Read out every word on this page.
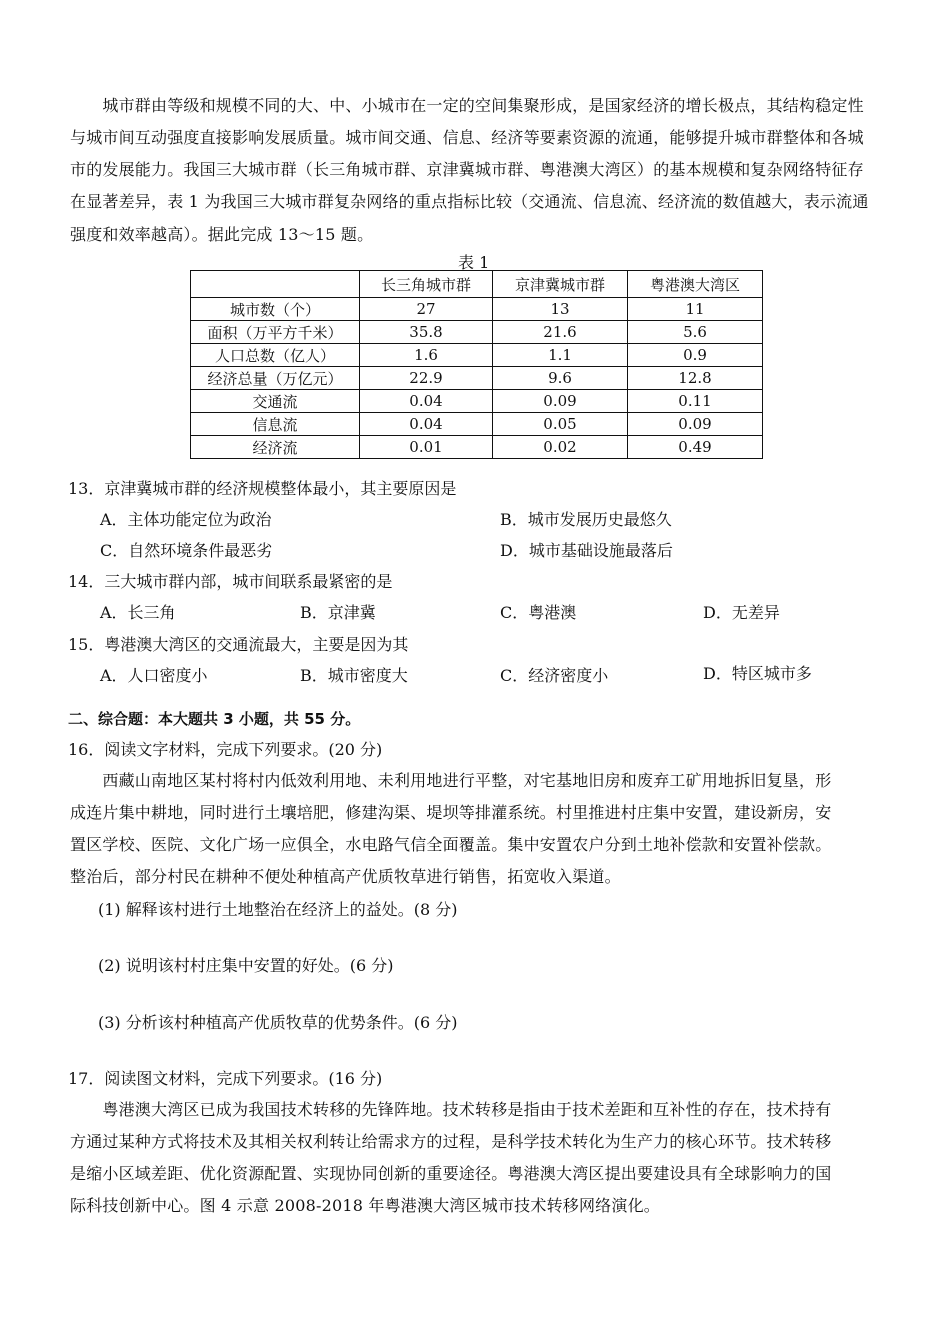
　　城市群由等级和规模不同的大、中、小城市在一定的空间集聚形成，是国家经济的增长极点，其结构稳定性
与城市间互动强度直接影响发展质量。城市间交通、信息、经济等要素资源的流通，能够提升城市群整体和各城
市的发展能力。我国三大城市群（长三角城市群、京津冀城市群、粤港澳大湾区）的基本规模和复杂网络特征存
在显著差异，表 1 为我国三大城市群复杂网络的重点指标比较（交通流、信息流、经济流的数值越大，表示流通
强度和效率越高）。据此完成 13～15 题。
表 1
	长三角城市群	京津冀城市群	粤港澳大湾区
城市数（个）	27	13	11
面积（万平方千米）	35.8	21.6	5.6
人口总数（亿人）	1.6	1.1	0.9
经济总量（万亿元）	22.9	9.6	12.8
交通流	0.04	0.09	0.11
信息流	0.04	0.05	0.09
经济流	0.01	0.02	0.49
13．京津冀城市群的经济规模整体最小，其主要原因是
A．主体功能定位为政治	B．城市发展历史最悠久
C．自然环境条件最恶劣	D．城市基础设施最落后
14．三大城市群内部，城市间联系最紧密的是
A．长三角	B．京津冀	C．粤港澳	D．无差异
15．粤港澳大湾区的交通流最大，主要是因为其
A．人口密度小	B．城市密度大	C．经济密度小	D．特区城市多
二、综合题：本大题共 3 小题，共 55 分。
16．阅读文字材料，完成下列要求。(20 分)
　　西藏山南地区某村将村内低效利用地、未利用地进行平整，对宅基地旧房和废弃工矿用地拆旧复垦，形
成连片集中耕地，同时进行土壤培肥，修建沟渠、堤坝等排灌系统。村里推进村庄集中安置，建设新房，安
置区学校、医院、文化广场一应俱全，水电路气信全面覆盖。集中安置农户分到土地补偿款和安置补偿款。
整治后，部分村民在耕种不便处种植高产优质牧草进行销售，拓宽收入渠道。
(1) 解释该村进行土地整治在经济上的益处。(8 分)
(2) 说明该村村庄集中安置的好处。(6 分)
(3) 分析该村种植高产优质牧草的优势条件。(6 分)
17．阅读图文材料，完成下列要求。(16 分)
　　粤港澳大湾区已成为我国技术转移的先锋阵地。技术转移是指由于技术差距和互补性的存在，技术持有
方通过某种方式将技术及其相关权利转让给需求方的过程，是科学技术转化为生产力的核心环节。技术转移
是缩小区域差距、优化资源配置、实现协同创新的重要途径。粤港澳大湾区提出要建设具有全球影响力的国
际科技创新中心。图 4 示意 2008-2018 年粤港澳大湾区城市技术转移网络演化。
